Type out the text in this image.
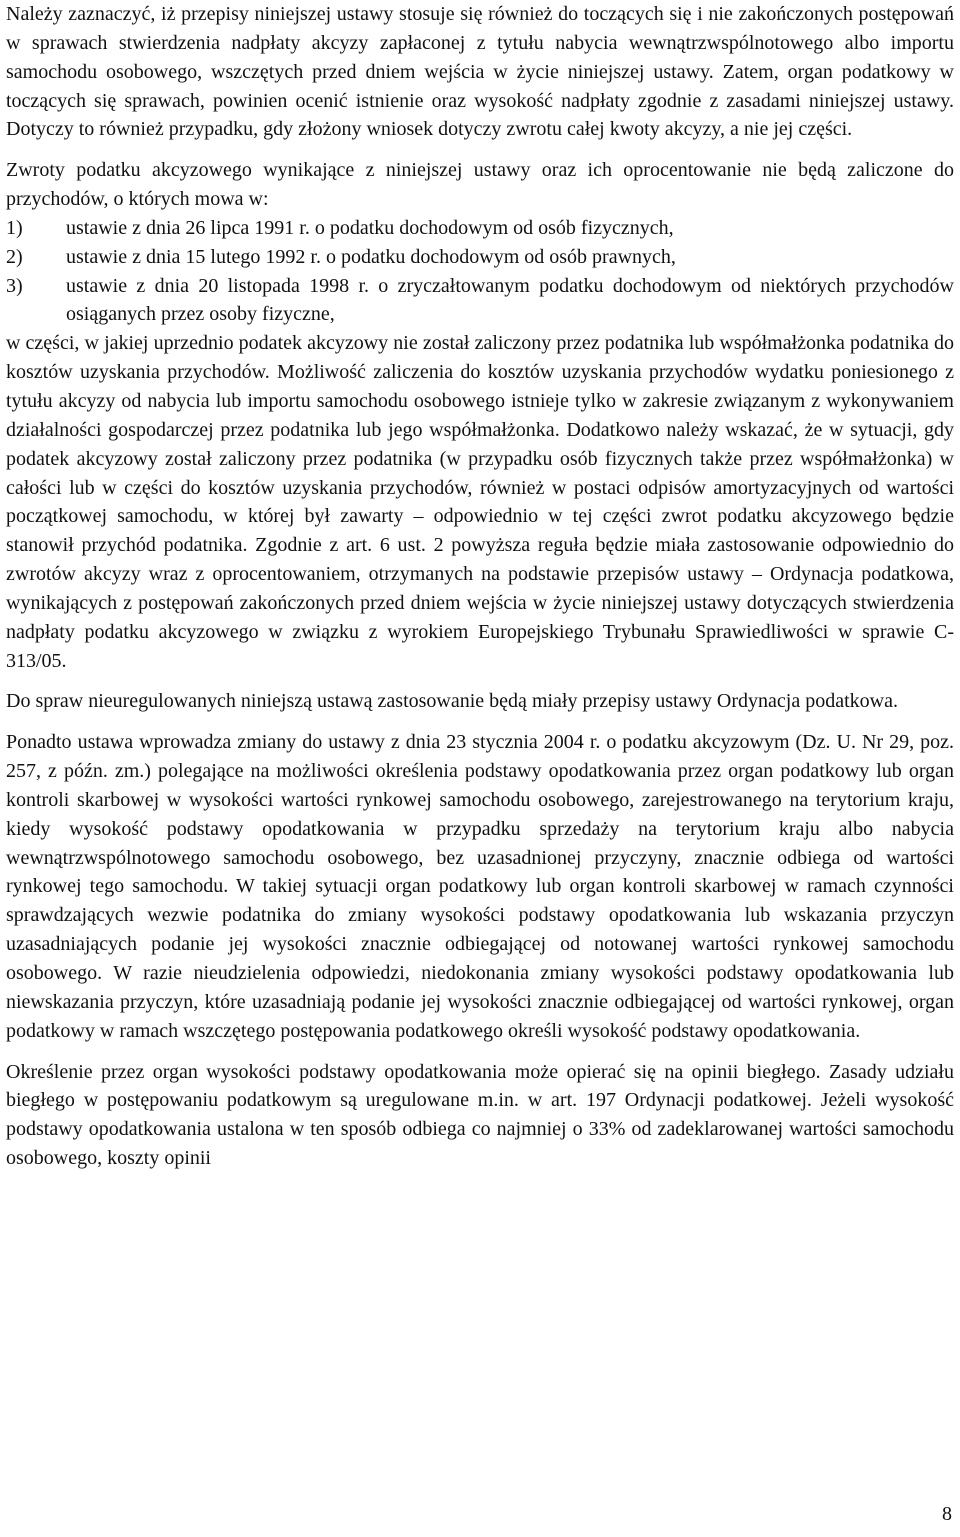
Należy zaznaczyć, iż przepisy niniejszej ustawy stosuje się również do toczących się i nie zakończonych postępowań w sprawach stwierdzenia nadpłaty akcyzy zapłaconej z tytułu nabycia wewnątrzwspólnotowego albo importu samochodu osobowego, wszczętych przed dniem wejścia w życie niniejszej ustawy. Zatem, organ podatkowy w toczących się sprawach, powinien ocenić istnienie oraz wysokość nadpłaty zgodnie z zasadami niniejszej ustawy. Dotyczy to również przypadku, gdy złożony wniosek dotyczy zwrotu całej kwoty akcyzy, a nie jej części.

Zwroty podatku akcyzowego wynikające z niniejszej ustawy oraz ich oprocentowanie nie będą zaliczone do przychodów, o których mowa w:

1)	ustawie z dnia 26 lipca 1991 r. o podatku dochodowym od osób fizycznych,
2)	ustawie z dnia 15 lutego 1992 r. o podatku dochodowym od osób prawnych,
3)	ustawie z dnia 20 listopada 1998 r. o zryczałtowanym podatku dochodowym od niektórych przychodów osiąganych przez osoby fizyczne,

w części, w jakiej uprzednio podatek akcyzowy nie został zaliczony przez podatnika lub współmałżonka podatnika do kosztów uzyskania przychodów. Możliwość zaliczenia do kosztów uzyskania przychodów wydatku poniesionego z tytułu akcyzy od nabycia lub importu samochodu osobowego istnieje tylko w zakresie związanym z wykonywaniem działalności gospodarczej przez podatnika lub jego współmałżonka. Dodatkowo należy wskazać, że w sytuacji, gdy podatek akcyzowy został zaliczony przez podatnika (w przypadku osób fizycznych także przez współmałżonka) w całości lub w części do kosztów uzyskania przychodów, również w postaci odpisów amortyzacyjnych od wartości początkowej samochodu, w której był zawarty – odpowiednio w tej części zwrot podatku akcyzowego będzie stanowił przychód podatnika. Zgodnie z art. 6 ust. 2 powyższa reguła będzie miała zastosowanie odpowiednio do zwrotów akcyzy wraz z oprocentowaniem, otrzymanych na podstawie przepisów ustawy – Ordynacja podatkowa, wynikających z postępowań zakończonych przed dniem wejścia w życie niniejszej ustawy dotyczących stwierdzenia nadpłaty podatku akcyzowego w związku z wyrokiem Europejskiego Trybunału Sprawiedliwości w sprawie C-313/05.

Do spraw nieuregulowanych niniejszą ustawą zastosowanie będą miały przepisy ustawy Ordynacja podatkowa.

Ponadto ustawa wprowadza zmiany do ustawy z dnia 23 stycznia 2004 r. o podatku akcyzowym (Dz. U. Nr 29, poz. 257, z późn. zm.) polegające na możliwości określenia podstawy opodatkowania przez organ podatkowy lub organ kontroli skarbowej w wysokości wartości rynkowej samochodu osobowego, zarejestrowanego na terytorium kraju, kiedy wysokość podstawy opodatkowania w przypadku sprzedaży na terytorium kraju albo nabycia wewnątrzwspólnotowego samochodu osobowego, bez uzasadnionej przyczyny, znacznie odbiega od wartości rynkowej tego samochodu. W takiej sytuacji organ podatkowy lub organ kontroli skarbowej w ramach czynności sprawdzających wezwie podatnika do zmiany wysokości podstawy opodatkowania lub wskazania przyczyn uzasadniających podanie jej wysokości znacznie odbiegającej od notowanej wartości rynkowej samochodu osobowego. W razie nieudzielenia odpowiedzi, niedokonania zmiany wysokości podstawy opodatkowania lub niewskazania przyczyn, które uzasadniają podanie jej wysokości znacznie odbiegającej od wartości rynkowej, organ podatkowy w ramach wszczętego postępowania podatkowego określi wysokość podstawy opodatkowania.

Określenie przez organ wysokości podstawy opodatkowania może opierać się na opinii biegłego. Zasady udziału biegłego w postępowaniu podatkowym są uregulowane m.in. w art. 197 Ordynacji podatkowej. Jeżeli wysokość podstawy opodatkowania ustalona w ten sposób odbiega co najmniej o 33% od zadeklarowanej wartości samochodu osobowego, koszty opinii

8
